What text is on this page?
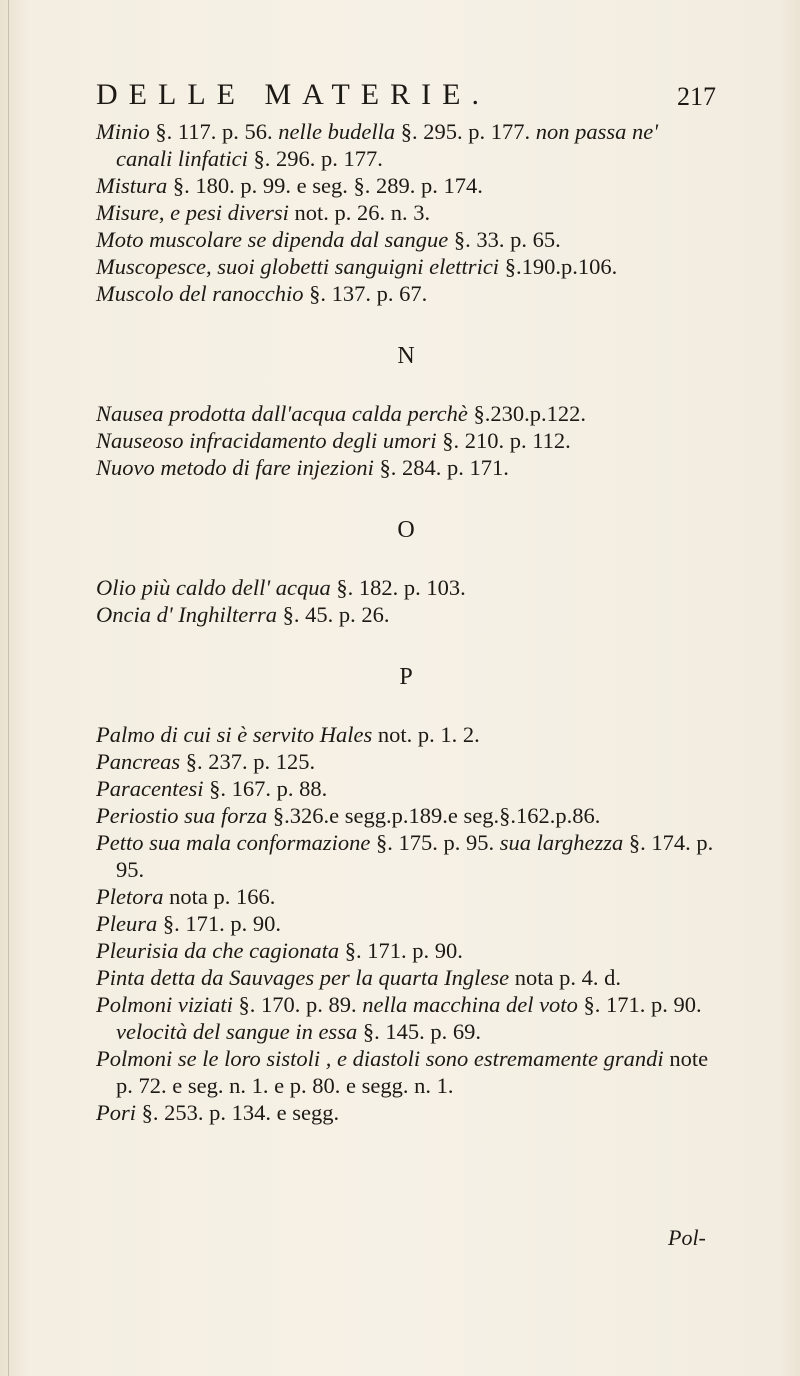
DELLE MATERIE.	217

Minio §. 117. p. 56. nelle budella §. 295. p. 177. non passa ne' canali linfatici §. 296. p. 177.

Mistura §. 180. p. 99. e seg. §. 289. p. 174.

Misure, e pesi diversi not. p. 26. n. 3.

Moto muscolare se dipenda dal sangue §. 33. p. 65.

Muscopesce, suoi globetti sanguigni elettrici §.190.p.106.

Muscolo del ranocchio §. 137. p. 67.

N

Nausea prodotta dall'acqua calda perchè §.230.p.122.

Nauseoso infracidamento degli umori §. 210. p. 112.

Nuovo metodo di fare injezioni §. 284. p. 171.

O

Olio più caldo dell' acqua §. 182. p. 103.

Oncia d' Inghilterra §. 45. p. 26.

P

Palmo di cui si è servito Hales not. p. 1. 2.

Pancreas §. 237. p. 125.

Paracentesi §. 167. p. 88.

Periostio sua forza §.326.e segg.p.189.e seg.§.162.p.86.

Petto sua mala conformazione §. 175. p. 95. sua larghezza §. 174. p. 95.

Pletora nota p. 166.

Pleura §. 171. p. 90.

Pleurisia da che cagionata §. 171. p. 90.

Pinta detta da Sauvages per la quarta Inglese nota p. 4. d.

Polmoni viziati §. 170. p. 89. nella macchina del voto §. 171. p. 90. velocità del sangue in essa §. 145. p. 69.

Polmoni se le loro sistoli , e diastoli sono estremamente grandi note p. 72. e seg. n. 1. e p. 80. e segg. n. 1.

Pori §. 253. p. 134. e segg.

Pol-
